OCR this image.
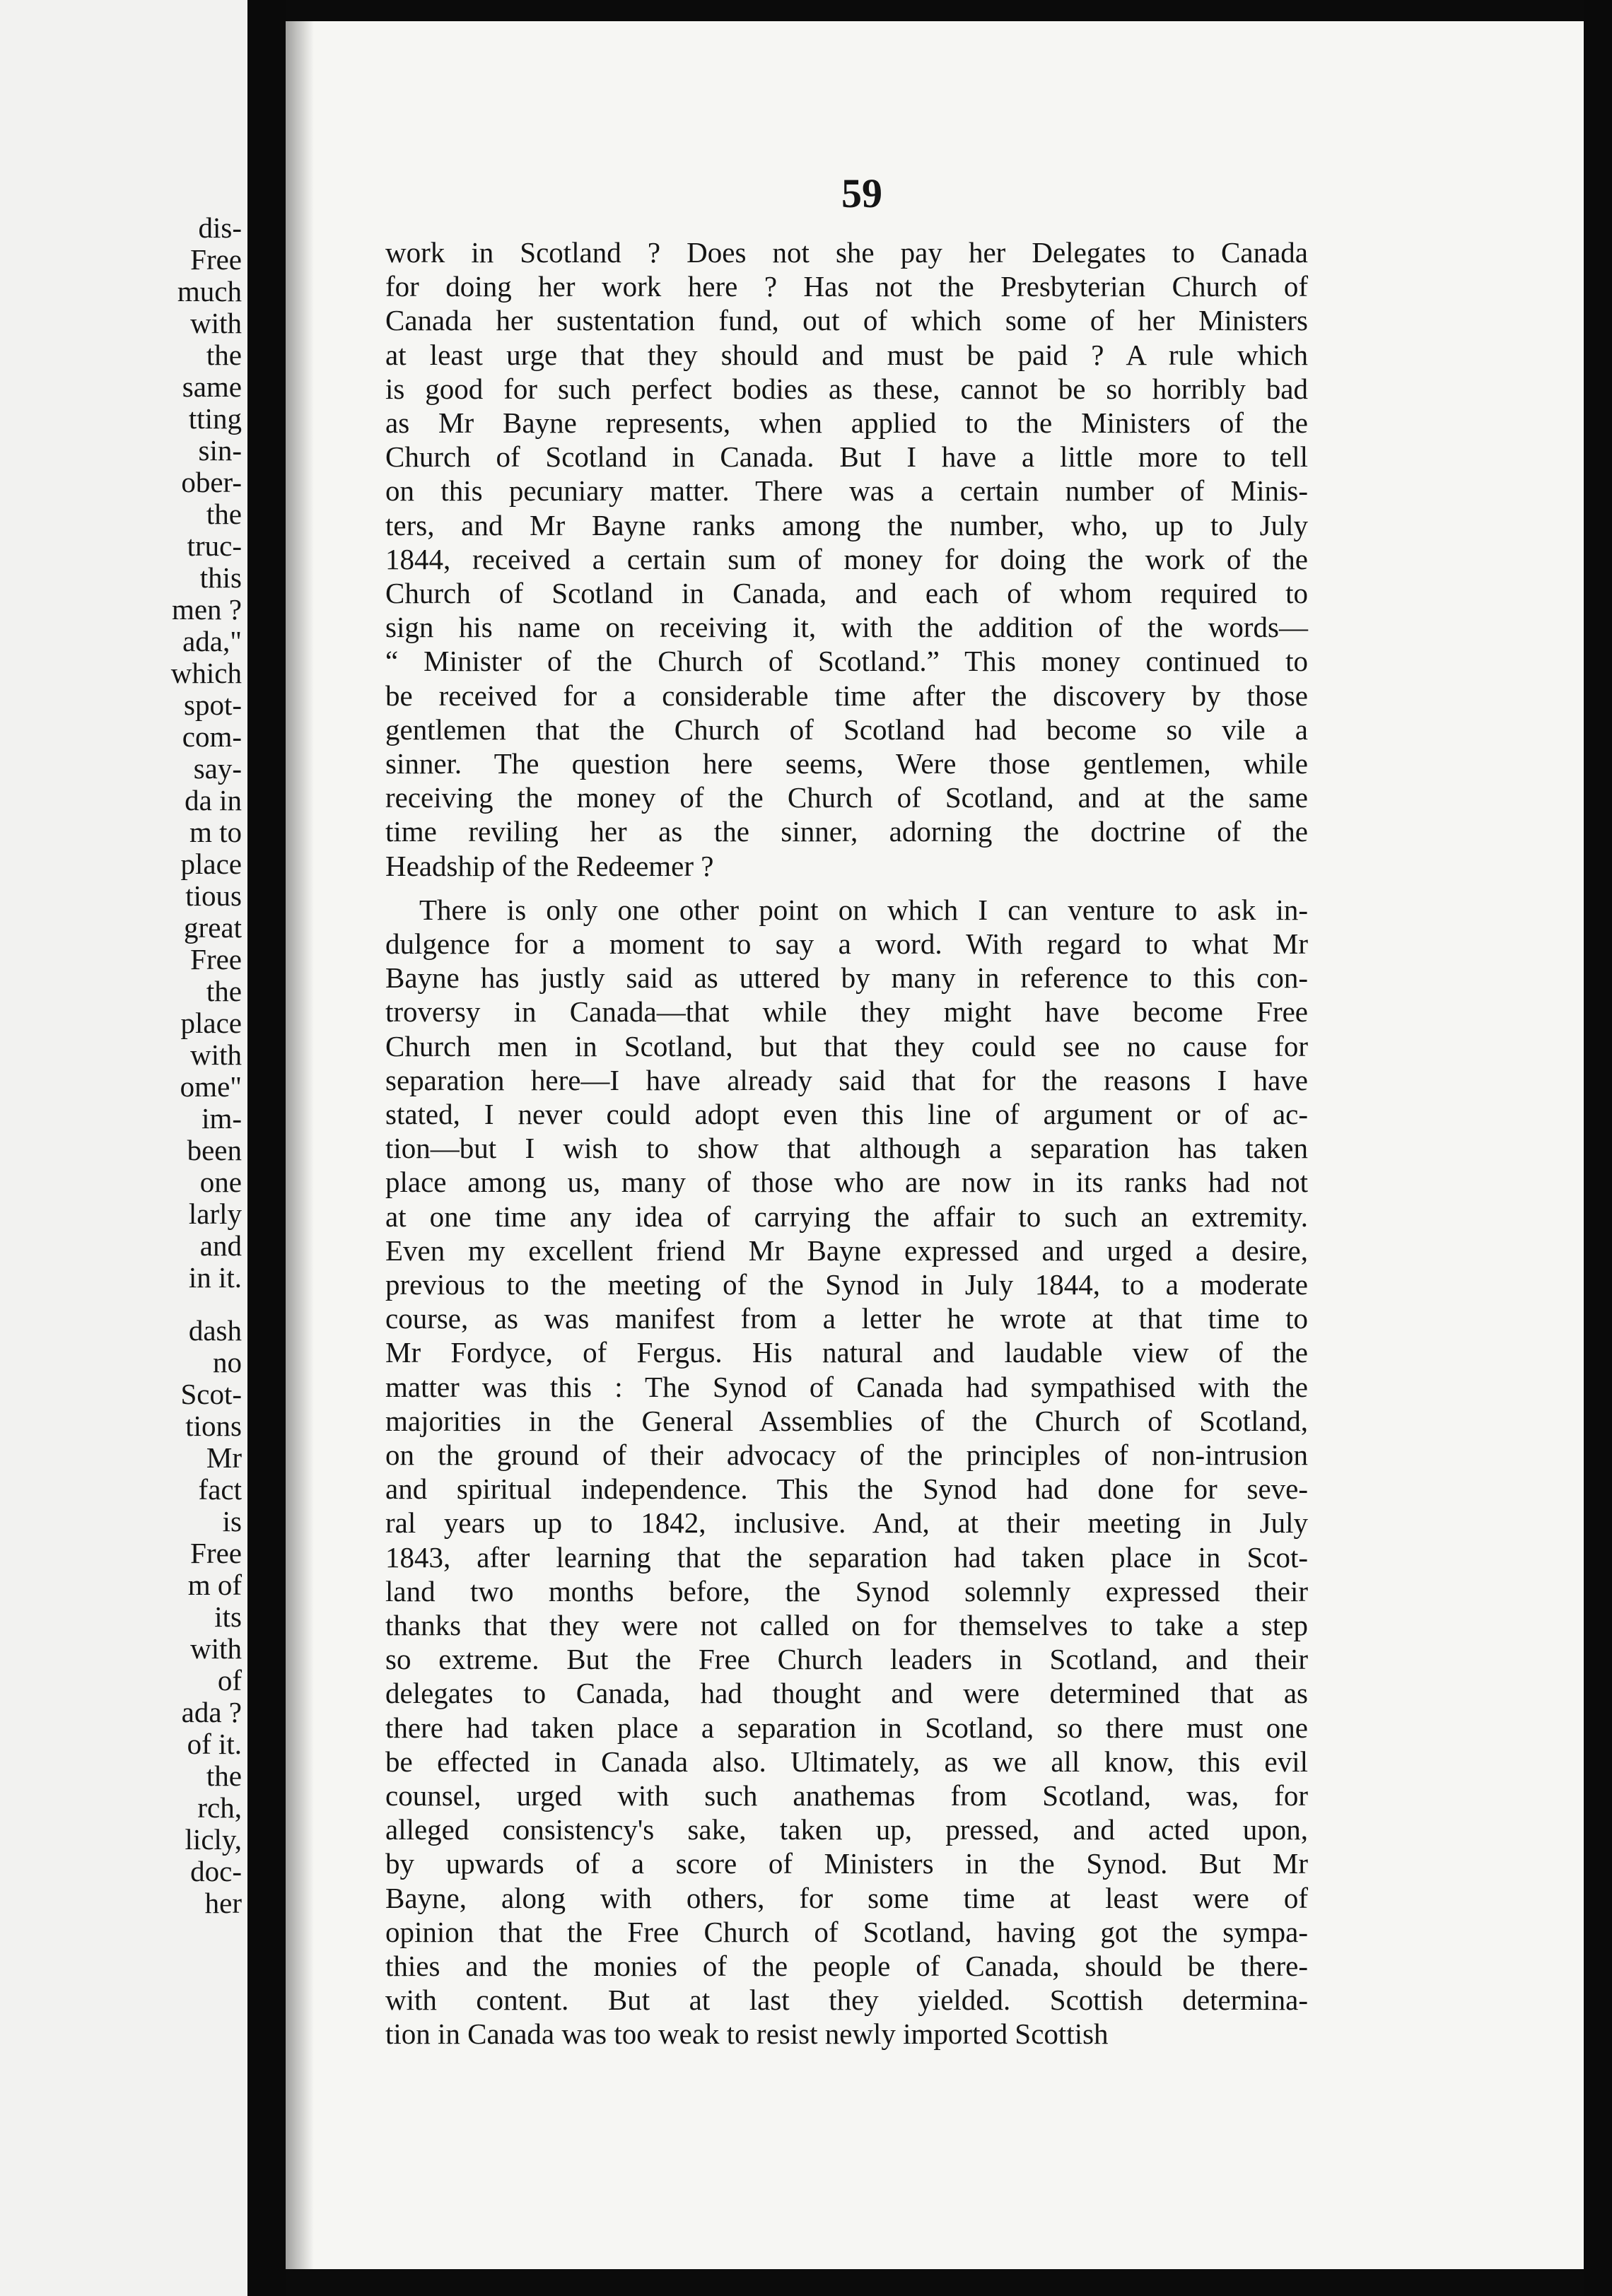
dis-
Free
much
with
the
same
tting
sin-
ober-
the
truc-
this
men ?
ada,"
which
spot-
com-
say-
da in
m to
place
tious
great
Free
the
place
with
ome"
im-
been
one
larly
and
in it.
dash
no
Scot-
tions
Mr
fact
is
Free
m of
its
with
of
ada ?
of it.
the
rch,
licly,
doc-
her
59
work in Scotland ? Does not she pay her Delegates to Canada
for doing her work here ? Has not the Presbyterian Church of
Canada her sustentation fund, out of which some of her Ministers
at least urge that they should and must be paid ? A rule which
is good for such perfect bodies as these, cannot be so horribly bad
as Mr Bayne represents, when applied to the Ministers of the
Church of Scotland in Canada. But I have a little more to tell
on this pecuniary matter. There was a certain number of Minis-
ters, and Mr Bayne ranks among the number, who, up to July
1844, received a certain sum of money for doing the work of the
Church of Scotland in Canada, and each of whom required to
sign his name on receiving it, with the addition of the words—
“ Minister of the Church of Scotland.” This money continued to
be received for a considerable time after the discovery by those
gentlemen that the Church of Scotland had become so vile a
sinner. The question here seems, Were those gentlemen, while
receiving the money of the Church of Scotland, and at the same
time reviling her as the sinner, adorning the doctrine of the
Headship of the Redeemer ?
There is only one other point on which I can venture to ask in-
dulgence for a moment to say a word. With regard to what Mr
Bayne has justly said as uttered by many in reference to this con-
troversy in Canada—that while they might have become Free
Church men in Scotland, but that they could see no cause for
separation here—I have already said that for the reasons I have
stated, I never could adopt even this line of argument or of ac-
tion—but I wish to show that although a separation has taken
place among us, many of those who are now in its ranks had not
at one time any idea of carrying the affair to such an extremity.
Even my excellent friend Mr Bayne expressed and urged a desire,
previous to the meeting of the Synod in July 1844, to a moderate
course, as was manifest from a letter he wrote at that time to
Mr Fordyce, of Fergus. His natural and laudable view of the
matter was this : The Synod of Canada had sympathised with the
majorities in the General Assemblies of the Church of Scotland,
on the ground of their advocacy of the principles of non-intrusion
and spiritual independence. This the Synod had done for seve-
ral years up to 1842, inclusive. And, at their meeting in July
1843, after learning that the separation had taken place in Scot-
land two months before, the Synod solemnly expressed their
thanks that they were not called on for themselves to take a step
so extreme. But the Free Church leaders in Scotland, and their
delegates to Canada, had thought and were determined that as
there had taken place a separation in Scotland, so there must one
be effected in Canada also. Ultimately, as we all know, this evil
counsel, urged with such anathemas from Scotland, was, for
alleged consistency's sake, taken up, pressed, and acted upon,
by upwards of a score of Ministers in the Synod. But Mr
Bayne, along with others, for some time at least were of
opinion that the Free Church of Scotland, having got the sympa-
thies and the monies of the people of Canada, should be there-
with content. But at last they yielded. Scottish determina-
tion in Canada was too weak to resist newly imported Scottish
